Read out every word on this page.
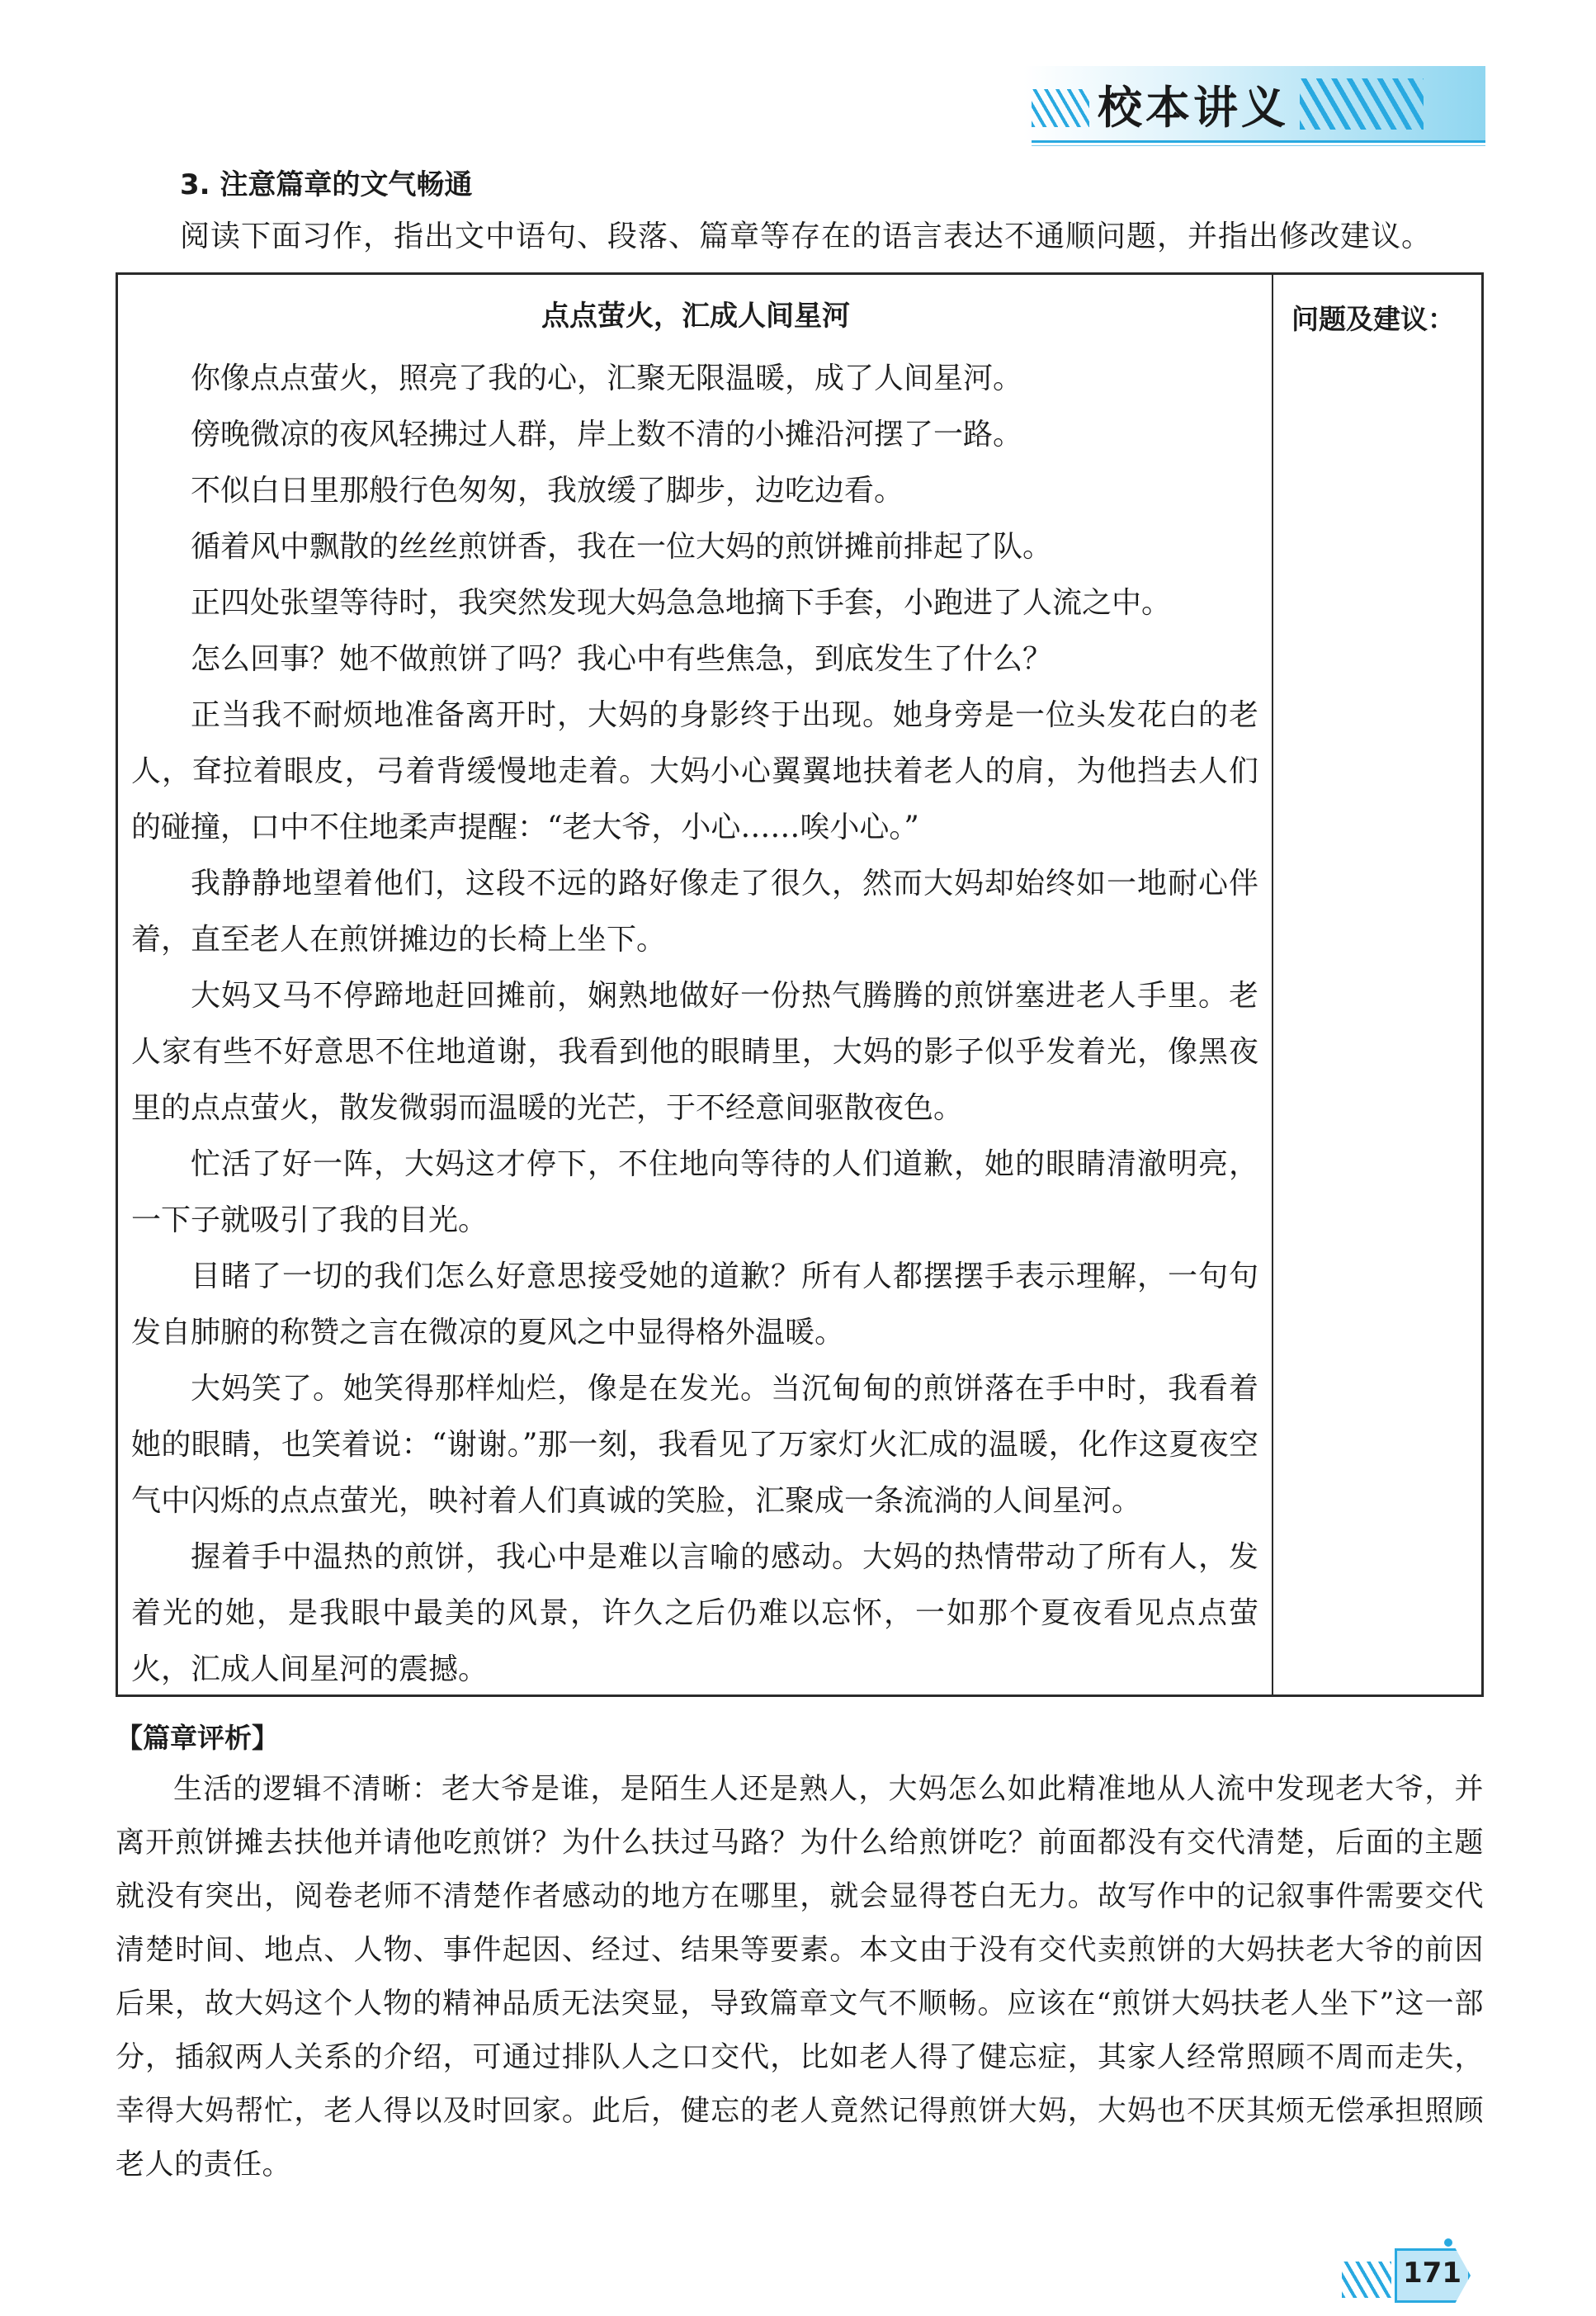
校本讲义
3. 注意篇章的文气畅通
阅读下面习作，指出文中语句、段落、篇章等存在的语言表达不通顺问题，并指出修改建议。
点点萤火，汇成人间星河

你像点点萤火，照亮了我的心，汇聚无限温暖，成了人间星河。

傍晚微凉的夜风轻拂过人群，岸上数不清的小摊沿河摆了一路。

不似白日里那般行色匆匆，我放缓了脚步，边吃边看。

循着风中飘散的丝丝煎饼香，我在一位大妈的煎饼摊前排起了队。

正四处张望等待时，我突然发现大妈急急地摘下手套，小跑进了人流之中。

怎么回事？她不做煎饼了吗？我心中有些焦急，到底发生了什么？

正当我不耐烦地准备离开时，大妈的身影终于出现。她身旁是一位头发花白的老人，耷拉着眼皮，弓着背缓慢地走着。大妈小心翼翼地扶着老人的肩，为他挡去人们的碰撞，口中不住地柔声提醒：“老大爷，小心……唉小心。”

我静静地望着他们，这段不远的路好像走了很久，然而大妈却始终如一地耐心伴着，直至老人在煎饼摊边的长椅上坐下。

大妈又马不停蹄地赶回摊前，娴熟地做好一份热气腾腾的煎饼塞进老人手里。老人家有些不好意思不住地道谢，我看到他的眼睛里，大妈的影子似乎发着光，像黑夜里的点点萤火，散发微弱而温暖的光芒，于不经意间驱散夜色。

忙活了好一阵，大妈这才停下，不住地向等待的人们道歉，她的眼睛清澈明亮，一下子就吸引了我的目光。

目睹了一切的我们怎么好意思接受她的道歉？所有人都摆摆手表示理解，一句句发自肺腑的称赞之言在微凉的夏风之中显得格外温暖。

大妈笑了。她笑得那样灿烂，像是在发光。当沉甸甸的煎饼落在手中时，我看着她的眼睛，也笑着说：“谢谢。”那一刻，我看见了万家灯火汇成的温暖，化作这夏夜空气中闪烁的点点萤光，映衬着人们真诚的笑脸，汇聚成一条流淌的人间星河。

握着手中温热的煎饼，我心中是难以言喻的感动。大妈的热情带动了所有人，发着光的她，是我眼中最美的风景，许久之后仍难以忘怀，一如那个夏夜看见点点萤火，汇成人间星河的震撼。

问题及建议：
【篇章评析】

生活的逻辑不清晰：老大爷是谁，是陌生人还是熟人，大妈怎么如此精准地从人流中发现老大爷，并离开煎饼摊去扶他并请他吃煎饼？为什么扶过马路？为什么给煎饼吃？前面都没有交代清楚，后面的主题就没有突出，阅卷老师不清楚作者感动的地方在哪里，就会显得苍白无力。故写作中的记叙事件需要交代清楚时间、地点、人物、事件起因、经过、结果等要素。本文由于没有交代卖煎饼的大妈扶老大爷的前因后果，故大妈这个人物的精神品质无法突显，导致篇章文气不顺畅。应该在“煎饼大妈扶老人坐下”这一部分，插叙两人关系的介绍，可通过排队人之口交代，比如老人得了健忘症，其家人经常照顾不周而走失，幸得大妈帮忙，老人得以及时回家。此后，健忘的老人竟然记得煎饼大妈，大妈也不厌其烦无偿承担照顾老人的责任。

171
